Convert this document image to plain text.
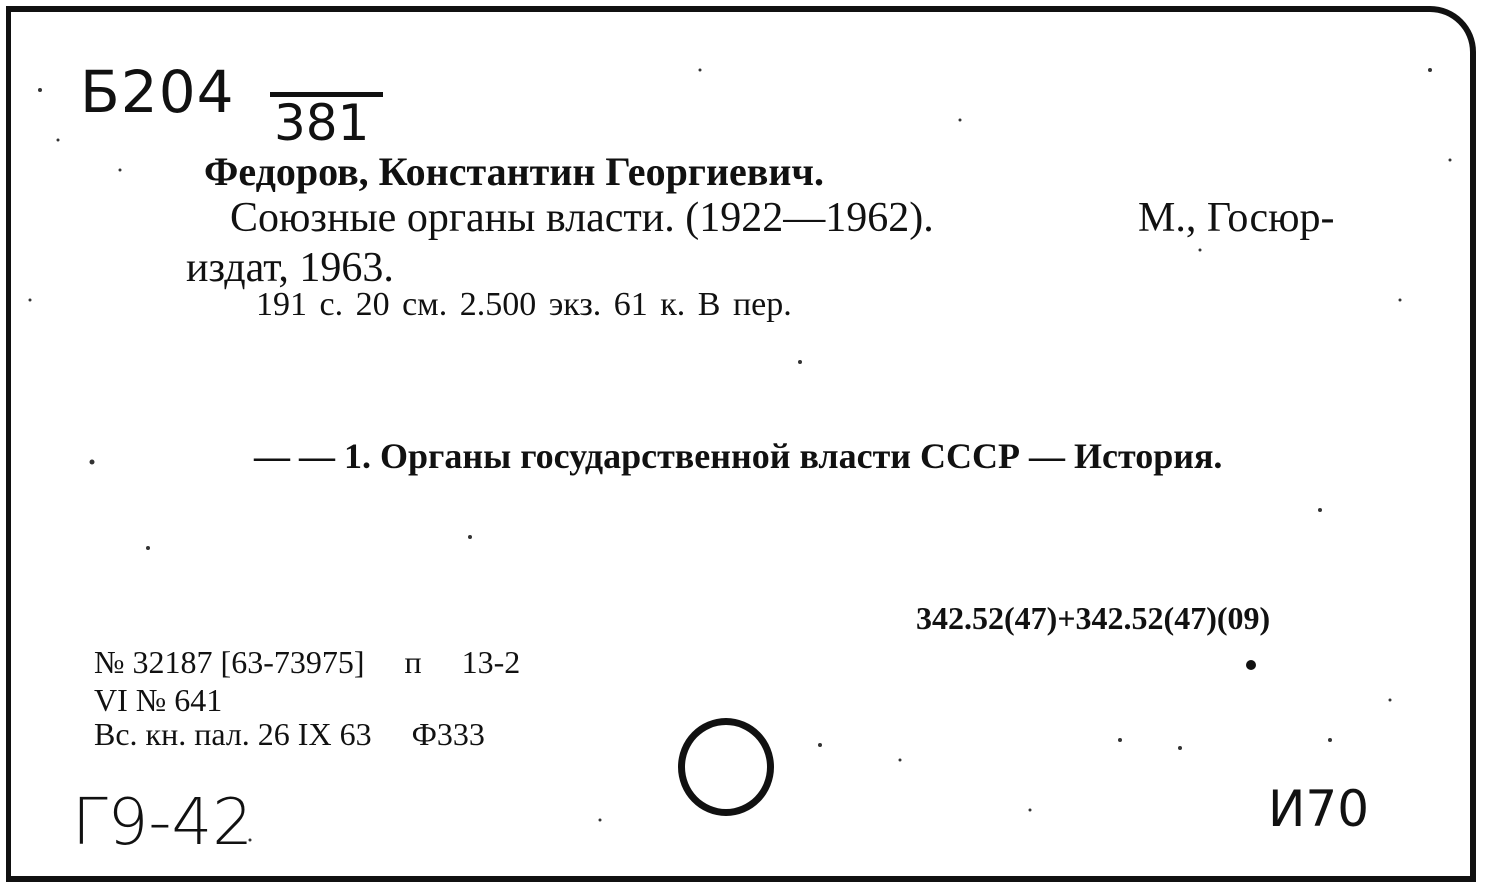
Б204 381
Федоров, Константин Георгиевич.
Союзные органы власти. (1922—1962).	М., Госюр-
издат, 1963.
191 с. 20 см. 2.500 экз. 61 к. В пер.
— — 1. Органы государственной власти СССР — История.
342.52(47)+342.52(47)(09)
№ 32187 [63-73975] п 13-2
VI № 641
Вс. кн. пал. 26 IX 63 Ф333
Г9-42	И70
